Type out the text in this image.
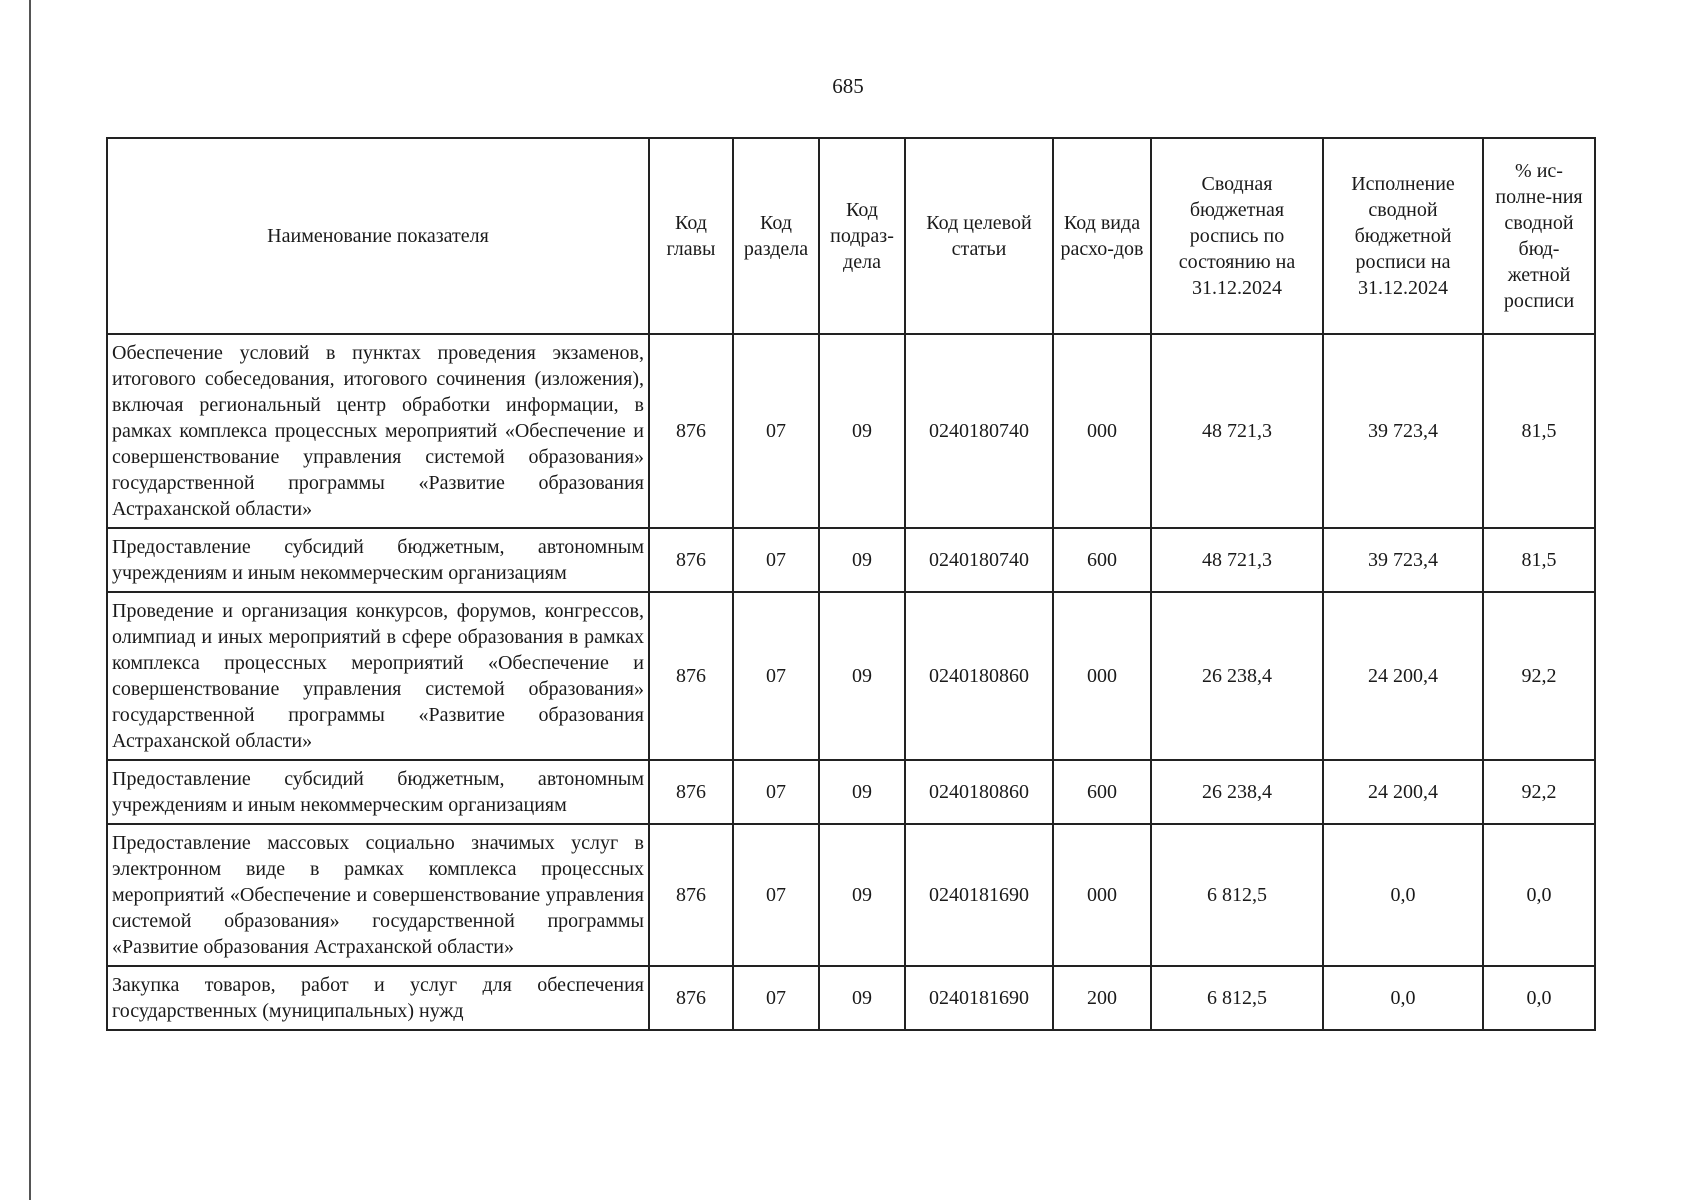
685
Наименование показателя	Код главы	Код раздела	Код подраз-дела	Код целевой статьи	Код вида расхо-дов	Сводная бюджетная роспись по состоянию на 31.12.2024	Исполнение сводной бюджетной росписи на 31.12.2024	% ис-полне-ния сводной бюд-жетной росписи
Обеспечение условий в пунктах проведения экзаменов, итогового собеседования, итогового сочинения (изложения), включая региональный центр обработки информации, в рамках комплекса процессных мероприятий «Обеспечение и совершенствование управления системой образования» государственной программы «Развитие образования Астраханской области»	876	07	09	0240180740	000	48 721,3	39 723,4	81,5
Предоставление субсидий бюджетным, автономным учреждениям и иным некоммерческим организациям	876	07	09	0240180740	600	48 721,3	39 723,4	81,5
Проведение и организация конкурсов, форумов, конгрессов, олимпиад и иных мероприятий в сфере образования в рамках комплекса процессных мероприятий «Обеспечение и совершенствование управления системой образования» государственной программы «Развитие образования Астраханской области»	876	07	09	0240180860	000	26 238,4	24 200,4	92,2
Предоставление субсидий бюджетным, автономным учреждениям и иным некоммерческим организациям	876	07	09	0240180860	600	26 238,4	24 200,4	92,2
Предоставление массовых социально значимых услуг в электронном виде в рамках комплекса процессных мероприятий «Обеспечение и совершенствование управления системой образования» государственной программы «Развитие образования Астраханской области»	876	07	09	0240181690	000	6 812,5	0,0	0,0
Закупка товаров, работ и услуг для обеспечения государственных (муниципальных) нужд	876	07	09	0240181690	200	6 812,5	0,0	0,0
